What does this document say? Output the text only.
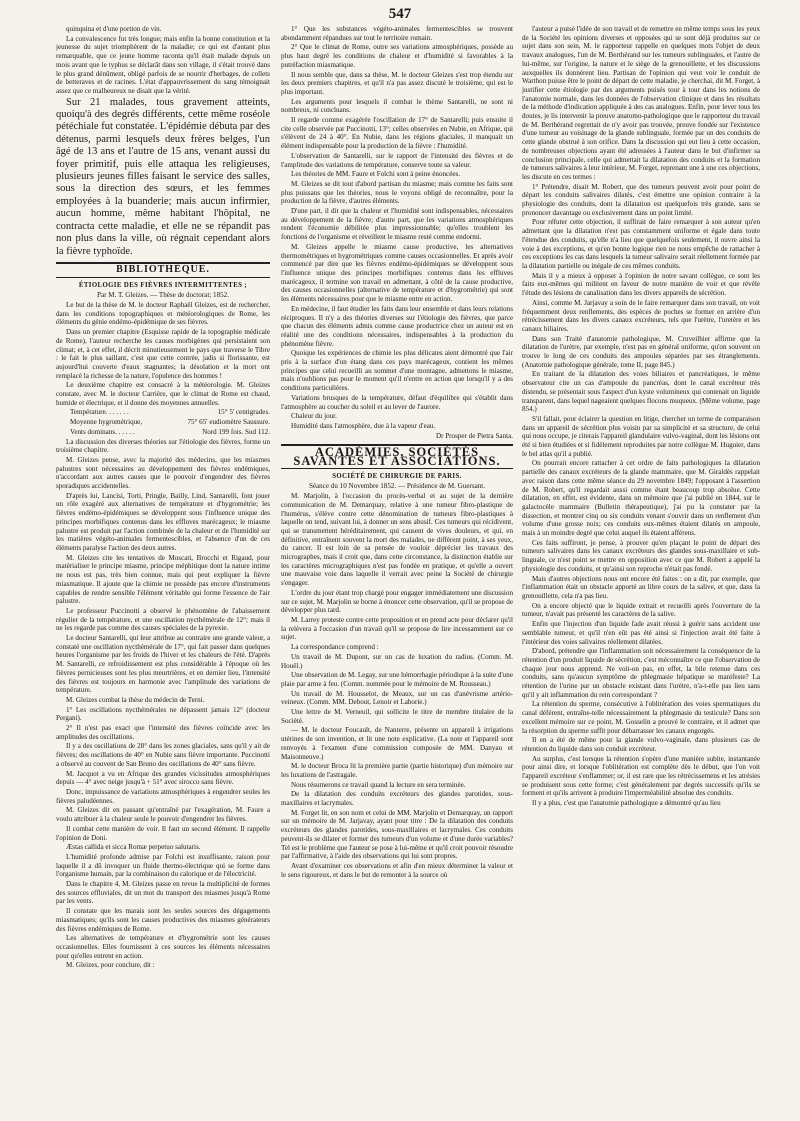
547

quinquina et d'une portion de vin.

La convalescence fut très longue; mais enfin la bonne constitution et la jeunesse du sujet triomphèrent de la maladie; ce qui est d'autant plus remarquable, que ce jeune homme raconta qu'il était malade depuis un mois avant que le typhus se déclarât dans son village, il s'était trouvé dans le plus grand dénûment, obligé parfois de se nourrir d'herbages, de collets de betteraves et de racines. L'état d'appauvrissement du sang témoignait assez que ce malheureux ne disait que la vérité.

Sur 21 malades, tous gravement atteints, quoiqu'à des degrés différents, cette même roséole pétéchiale fut constatée. L'épidémie débuta par des détenus, parmi lesquels deux frères belges, l'un âgé de 13 ans et l'autre de 15 ans, venant aussi du foyer primitif, puis elle attaqua les religieuses, plusieurs jeunes filles faisant le service des salles, sous la direction des sœurs, et les femmes employées à la buanderie; mais aucun infirmier, aucun homme, même habitant l'hôpital, ne contracta cette maladie, et elle ne se répandit pas non plus dans la ville, où régnait cependant alors la fièvre typhoïde.

BIBLIOTHÈQUE.

ÉTIOLOGIE DES FIÈVRES INTERMITTENTES ;

Par M. T. Gleizes. — Thèse de doctorat; 1852.

Le but de la thèse de M. le docteur Raphaël Gleizes, est de rechercher, dans les conditions topographiques et météorologiques de Rome, les éléments du génie endémo-épidémique de ses fièvres.

Dans un premier chapitre (Esquisse rapide de la topographie médicale de Rome), l'auteur recherche les causes morbigènes qui persistaient son climat; et, à cet effet, il décrit minutieusement le pays que traverse le Tibre : le fait le plus saillant, c'est que cette contrée, jadis si florissante, est aujourd'hui couverte d'eaux stagnantes; la désolation et la mort ont remplacé la richesse de la nature, l'opulence des hommes !

Le deuxième chapitre est consacré à la météorologie. M. Gleizes constate, avec M. le docteur Carrière, que le climat de Rome est chaud, humide et électrique, et il donne des moyennes annuelles.

Température. . . . . . .	15° 5' centigrades.

Moyenne hygrométrique,	75° 65' eudiomètre Saussure.

Vents dominans. . . . . .	Nord 199 fois. Sud 112.

La discussion des diverses théories sur l'étiologie des fièvres, forme un troisième chapitre.

M. Gleizes pense, avec la majorité des médecins, que les miasmes palustres sont nécessaires au développement des fièvres endémiques, n'accordant aux autres causes que le pouvoir d'engendrer des fièvres sporadiques accidentelles.

D'après lui, Lancisi, Torti, Pringle, Bailly, Lind, Santarelli, font jouer un rôle exagéré aux alternatives de température et d'hygrométrie; les fièvres endémo-épidémiques se développent sous l'influence unique des principes morbifiques contenus dans les effluves marécageux; le miasme palustre est produit par l'action combinée de la chaleur et de l'humidité sur les matières végéto-animales fermentescibles, et l'absence d'un de ces éléments paralyse l'action des deux autres.

M. Gleizes cite les tentatives de Moscati, Brocchi et Rigaud, pour matérialiser le principe miasme, principe méphitique dont la nature intime ne nous est pas, très bien connue, mais qui peut expliquer la fièvre miasmatique. Il ajoute que la chimie ne possède pas encore d'instruments capables de rendre sensible l'élément véritable qui forme l'essence de l'air palustre.

Le professeur Puccinotti a observé le phénomène de l'abaissement régulier de la température, et une oscillation nycthémérale de 12°; mais il ne les regarde pas comme des causes spéciales de la pyrexie.

Le docteur Santarelli, qui leur attribue au contraire une grande valeur, a constaté une oscillation nycthémérale de 17°, qui fait passer dans quelques heures l'organisme par les froids de l'hiver et les chaleurs de l'été. D'après M. Santarelli, ce refroidissement est plus considérable à l'époque où les fièvres pernicieuses sont les plus meurtrières, et en dernier lieu, l'intensité des fièvres est toujours en harmonie avec l'amplitude des variations de température.

M. Gleizes combat la thèse du médecin de Terni.

1° Les oscillations nycthémérales ne dépassent jamais 12° (docteur Pergani).

2° Il n'est pas exact que l'intensité des fièvres coïncide avec les amplitudes des oscillations.

Il y a des oscillations de 28° dans les zones glaciales, sans qu'il y ait de fièvres; des oscillations de 40° en Nubie sans fièvre importante. Puccinotti a observé au couvent de San Bruno des oscillations de 40° sans fièvre.

M. Jacquot a vu en Afrique des grandes vicissitudes atmosphériques depuis — 4° avec neige jusqu'à + 51° avec sirocco sans fièvre.

Donc, impuissance de variations atmosphériques à engendrer seules les fièvres paludéennes.

M. Gleizes dit en passant qu'entraîné par l'exagération, M. Faure a voulu attribuer à la chaleur seule le pouvoir d'engendrer les fièvres.

Il combat cette manière de voir. Il faut un second élément. Il rappelle l'opinion de Doni.

Æstas callida et sicca Romæ perpetuo salutaris.

L'humidité profonde admise par Folchi est insuffisante, raison pour laquelle il a dû invoquer un fluide thermo-électrique qui se forme dans l'organisme humain, par la combinaison du calorique et de l'électricité.

Dans le chapitre 4, M. Gleizes passe en revue la multiplicité de formes des sources effluviales, dit un mot du transport des miasmes jusqu'à Rome par les vents.

Il constate que les marais sont les seules sources des dégagements miasmatiques; qu'ils sont les causes productives des miasmes générateurs des fièvres endémiques de Rome.

Les alternatives de température et d'hygrométrie sont les causes occasionnelles. Elles fournissent à ces sources les éléments nécessaires pour qu'elles entrent en action.

M. Gleizes, pour conclure, dit :

1° Que les substances végéto-animales fermentescibles se trouvent abondamment répandues sur tout le territoire romain.

2° Que le climat de Rome, outre ses variations atmosphériques, possède au plus haut degré les conditions de chaleur et d'humidité si favorables à la putréfaction miasmatique.

Il nous semble que, dans sa thèse, M. le docteur Gleizes s'est trop étendu sur les deux premiers chapitres, et qu'il n'a pas assez discuté le troisième, qui est le plus important.

Les arguments pour lesquels il combat le thème Santarelli, ne sont ni nombreux, ni concluans.

Il regarde comme exagérée l'oscillation de 17° de Santarelli; puis ensuite il cite celle observée par Puccinotti, 13°; celles observées en Nubie, en Afrique, qui s'élèvent de 24 à 40°. En Nubie, dans les régions glaciales, il manquait un élément indispensable pour la production de la fièvre : l'humidité.

L'observation de Santarelli, sur le rapport de l'intensité des fièvres et de l'amplitude des variations de température, conserve toute sa valeur.

Les théories de MM. Faure et Folchi sont à peine énoncées.

M. Gleizes se dit tout d'abord partisan du miasme; mais comme les faits sont plus puissans que les théories, nous le voyons obligé de reconnaître, pour la production de la fièvre, d'autres éléments.

D'une part, il dit que la chaleur et l'humidité sont indispensables, nécessaires au développement de la fièvre; d'autre part, que les variations atmosphériques rendent l'économie débilitée plus impressionnable; qu'elles troublent les fonctions de l'organisme et réveillent le miasme resté comme endormi.

M. Gleizes appelle le miasme cause productive, les alternatives thermométriques et hygrométriques comme causes occasionnelles. Et après avoir commencé par dire que les fièvres endémo-épidémiques se développent sous l'influence unique des principes morbifiques contenus dans les effluves marécageux, il termine son travail en admettant, à côté de la cause productive, des causes occasionnelles (alternative de température et d'hygrométrie) qui sont les éléments nécessaires pour que le miasme entre en action.

En médecine, il faut étudier les faits dans leur ensemble et dans leurs relations réciproques. Il n'y a des théories diverses sur l'étiologie des fièvres, que parce que chacun des éléments admis comme cause productrice chez un auteur est en réalité une des conditions nécessaires, indispensables à la production du phénomène fièvre.

Quoique les expériences de chimie les plus délicates aient démontré que l'air pris à la surface d'un étang dans ces pays marécageux, contient les mêmes principes que celui recueilli au sommet d'une montagne, admettons le miasme, mais n'oublions pas pour le moment qu'il n'entre en action que lorsqu'il y a des conditions particulières.

Variations brusques de la température, défaut d'équilibre qui s'établit dans l'atmosphère au coucher du soleil et au lever de l'aurore.

Chaleur du jour.

Humidité dans l'atmosphère, due à la vapeur d'eau.

Dr Prosper de Pietra Santa.

ACADÉMIES, SOCIÉTÉS SAVANTES ET ASSOCIATIONS.

SOCIÉTÉ DE CHIRURGIE DE PARIS.

Séance du 10 Novembre 1852. — Présidence de M. Guersant.

M. Marjolin, à l'occasion du procès-verbal et au sujet de la dernière communication de M. Demarquay, relative à une tumeur fibro-plastique de l'humérus, s'élève contre cette dénomination de tumeurs fibro-plastiques à laquelle on tend, suivant lui, à donner un sens abusif. Ces tumeurs qui récidivent, qui se transmettent héréditairement, qui causent de vives douleurs, et qui, en définitive, entraînent souvent la mort des malades, ne diffèrent point, à ses yeux, du cancer. Il est loin de sa pensée de vouloir déprécier les travaux des micrographes, mais il croit que, dans cette circonstance, la distinction établie sur les caractères micrographiques n'est pas fondée en pratique, et qu'elle a ouvert une mauvaise voie dans laquelle il verrait avec peine la Société de chirurgie s'engager.

L'ordre du jour étant trop chargé pour engager immédiatement une discussion sur ce sujet, M. Marjolin se borne à énoncer cette observation, qu'il se propose de développer plus tard.

M. Larrey proteste contre cette proposition et en prend acte pour déclarer qu'il la relèvera à l'occasion d'un travail qu'il se propose de lire incessamment sur ce sujet.

La correspondance comprend :

Un travail de M. Dupont, sur un cas de luxation du radius. (Comm. M. Houël.)

Une observation de M. Legay, sur une hémorrhagie périodique à la suite d'une plaie par arme à feu. (Comm. nommée pour le mémoire de M. Rousseau.)

Un travail de M. Housselot, de Meaux, sur un cas d'anévrisme artério-veineux. (Comm. MM. Debout, Lenoir et Laborie.)

Une lettre de M. Verneuil, qui sollicite le titre de membre titulaire de la Société.

— M. le docteur Foucault, de Nanterre, présente un appareil à irrigations utérines de son invention, et lit une note explicative. (La note et l'appareil sont renvoyés à l'examen d'une commission composée de MM. Danyau et Maisonneuve.)

M. le docteur Broca lit la première partie (partie historique) d'un mémoire sur les luxations de l'astragale.

Nous résumerons ce travail quand la lecture en sera terminée.

De la dilatation des conduits excréteurs des glandes parotides, sous-maxillaires et lacrymales.

M. Forget lit, en son nom et celui de MM. Marjolin et Demarquay, un rapport sur un mémoire de M. Jarjavay, ayant pour titre : De la dilatation des conduits excréteurs des glandes parotides, sous-maxillaires et lacrymales. Ces conduits peuvent-ils se dilater et former des tumeurs d'un volume et d'une durée variables? Tel est le problème que l'auteur se pose à lui-même et qu'il croit pouvoir résoudre par l'affirmative, à l'aide des observations qui lui sont propres.

Avant d'examiner ces observations et afin d'en mieux déterminer la valeur et le sens rigoureux, et dans le but de remonter à la source où

l'auteur a puisé l'idée de son travail et de remettre en même temps sous les yeux de la Société les opinions diverses et opposées qui se sont déjà produites sur ce sujet dans son sein, M. le rapporteur rappelle en quelques mots l'objet de deux travaux analogues, l'un de M. Berthérand sur les tumeurs sublinguales, et l'autre de lui-même, sur l'origine, la nature et le siège de la grenouillette, et les discussions auxquelles ils donnèrent lieu. Partisan de l'opinion qui veut voir le conduit de Warthon puisse être le point de départ de cette maladie, je cherchai, dit M. Forget, à justifier cette étiologie par des arguments puisés tour à tour dans les notions de l'anatomie normale, dans les données de l'observation clinique et dans les résultats de la méthode d'indication appliquée à des cas analogues. Enfin, pour lever tous les doutes, je lis intervenir la preuve anatomo-pathologique que le rapporteur du travail de M. Berthérand regrettait de n'y avoir pas trouvée, preuve fondée sur l'existence d'une tumeur au voisinage de la glande sublinguale, formée par un des conduits de cette glande obstrué à son orifice. Dans la discussion qui eut lieu à cette occasion, de nombreuses objections ayant été adressées à l'auteur dans le but d'infirmer sa conclusion principale, celle qui admettait la dilatation des conduits et la formation de tumeurs salivaires à leur intérieur, M. Forget, reprenant une à une ces objections, les discute en ces termes :

1° Prétendre, disait M. Robert, que des tumeurs peuvent avoir pour point de départ les conduits salivaires dilatés, c'est émettre une opinion contraire à la physiologie des conduits, dont la dilatation est quelquefois très grande, sans se prononcer davantage ou exclusivement dans un point limité.

Pour réfuter cette objection, il suffirait de faire remarquer à son auteur qu'en admettant que la dilatation n'est pas constamment uniforme et égale dans toute l'étendue des conduits, qu'elle n'a lieu que quelquefois seulement, il ouvre ainsi la voie à des exceptions, et qu'en bonne logique rien ne nous empêche de rattacher à ces exceptions les cas dans lesquels la tumeur salivaire serait réellement formée par la dilatation partielle ou inégale de ces mêmes conduits.

Mais il y a mieux à opposer à l'opinion de notre savant collègue, ce sont les faits eux-mêmes qui militent en faveur de notre manière de voir et que révèle l'étude des lésions de canalisation dans les divers appareils de sécrétion.

Ainsi, comme M. Jarjavay a soin de le faire remarquer dans son travail, on voit fréquemment deux renflements, des espèces de poches se former en arrière d'un rétrécissement dans les divers canaux excréteurs, tels que l'urètre, l'uretère et les canaux biliaires.

Dans son Traité d'anatomie pathologique, M. Cruveilhier affirme que la dilatation de l'urètre, par exemple, n'est pas en général uniforme, qu'on souvent on trouve le long de ces conduits des ampoules séparées par ses étranglements. (Anatomie pathologique générale, tome II, page 845.)

En traitant de la dilatation des voies biliaires et pancréatiques, le même observateur cite un cas d'ampoule du pancréas, dont le canal excréteur très distendu, se présentait sous l'aspect d'un kyste volumineux qui contenait un liquide transparent, dans lequel nageaient quelques flocons muqueux. (Même volume, page 854.)

S'il fallait, pour éclairer la question en litige, chercher un terme de comparaison dans un appareil de sécrétion plus voisin par sa simplicité et sa structure, de celui qui nous occupe, je citerais l'appareil glandulaire vulvo-vaginal, dont les lésions ont été si bien étudiées et si fidèlement reproduites par notre collègue M. Huguier, dans le bel atlas qu'il a publié.

On pourrait encore rattacher à cet ordre de faits pathologiques la dilatation partielle des canaux excréteurs de la glande mammaire, que M. Giraldès rappelait avec raison dans cette même séance du 29 novembre 1849; l'opposant à l'assertion de M. Robert, qu'il regardait aussi comme étant beaucoup trop absolue. Cette dilatation, en effet, est évidente, dans un mémoire que j'ai publié en 1844, sur le galactocèle mammaire (Bulletin thérapeutique), j'ai pu la constater par la dissection, et montrer cinq ou six conduits venant s'ouvrir dans un renflement d'un volume d'une grosse noix; ces conduits eux-mêmes étaient dilatés en ampoule, mais à un moindre degré que celui auquel ils étaient afférens.

Ces faits suffiront, je pense, à prouver qu'en plaçant le point de départ des tumeurs salivaires dans les canaux excréteurs des glandes sous-maxillaire et sub-linguale, ce n'est point se mettre en opposition avec ce que M. Robert a appelé la physiologie des conduits, et qu'ainsi son reproche n'était pas fondé.

Mais d'autres objections nous ont encore été faites : on a dit, par exemple, que l'inflammation était un obstacle apporté au libre cours de la salive, et que, dans la grenouillette, cela n'a pas lieu.

On a encore objecté que le liquide extrait et recueilli après l'ouverture de la tumeur, n'avait pas présenté les caractères de la salive.

Enfin que l'injection d'un liquide fade avait réussi à guérir sans accident une semblable tumeur, et qu'il n'en eût pas été ainsi si l'injection avait été faite à l'intérieur des voies salivaires réellement dilatées.

D'abord, prétendre que l'inflammation soit nécessairement la conséquence de la rétention d'un produit liquide de sécrétion, c'est méconnaître ce que l'observation de chaque jour nous apprend. Ne voit-on pas, en effet, la bile retenue dans ces conduits, sans qu'aucun symptôme de phlegmasie hépatique se manifeste? La rétention de l'urine par un obstacle existant dans l'urètre, n'a-t-elle pas lieu sans qu'il y ait inflammation du rein correspondant ?

La rétention du sperme, consécutive à l'oblitération des voies spermatiques du canal déférent, entraîne-telle nécessairement la phlegmasie du testicule? Dans son excellent mémoire sur ce point, M. Gosselin a prouvé le contraire, et il admet que la résorption du sperme suffit pour débarrasser les canaux engorgés.

Il en a été de même pour la glande vulvo-vaginale, dans plusieurs cas de rétention du liquide dans son conduit excréteur.

Au surplus, c'est lorsque la rétention s'opère d'une manière subite, instantanée pour ainsi dire, et lorsque l'oblitération est complète dès le début, que l'on voit l'appareil excréteur s'enflammer; or, il est rare que les rétrécissemens et les atrésies se produisent sous cette forme; c'est généralement par degrés successifs qu'ils se forment et qu'ils arrivent à produire l'imperméabilité absolue des conduits.

Il y a plus, c'est que l'anatomie pathologique a démontré qu'au lieu
